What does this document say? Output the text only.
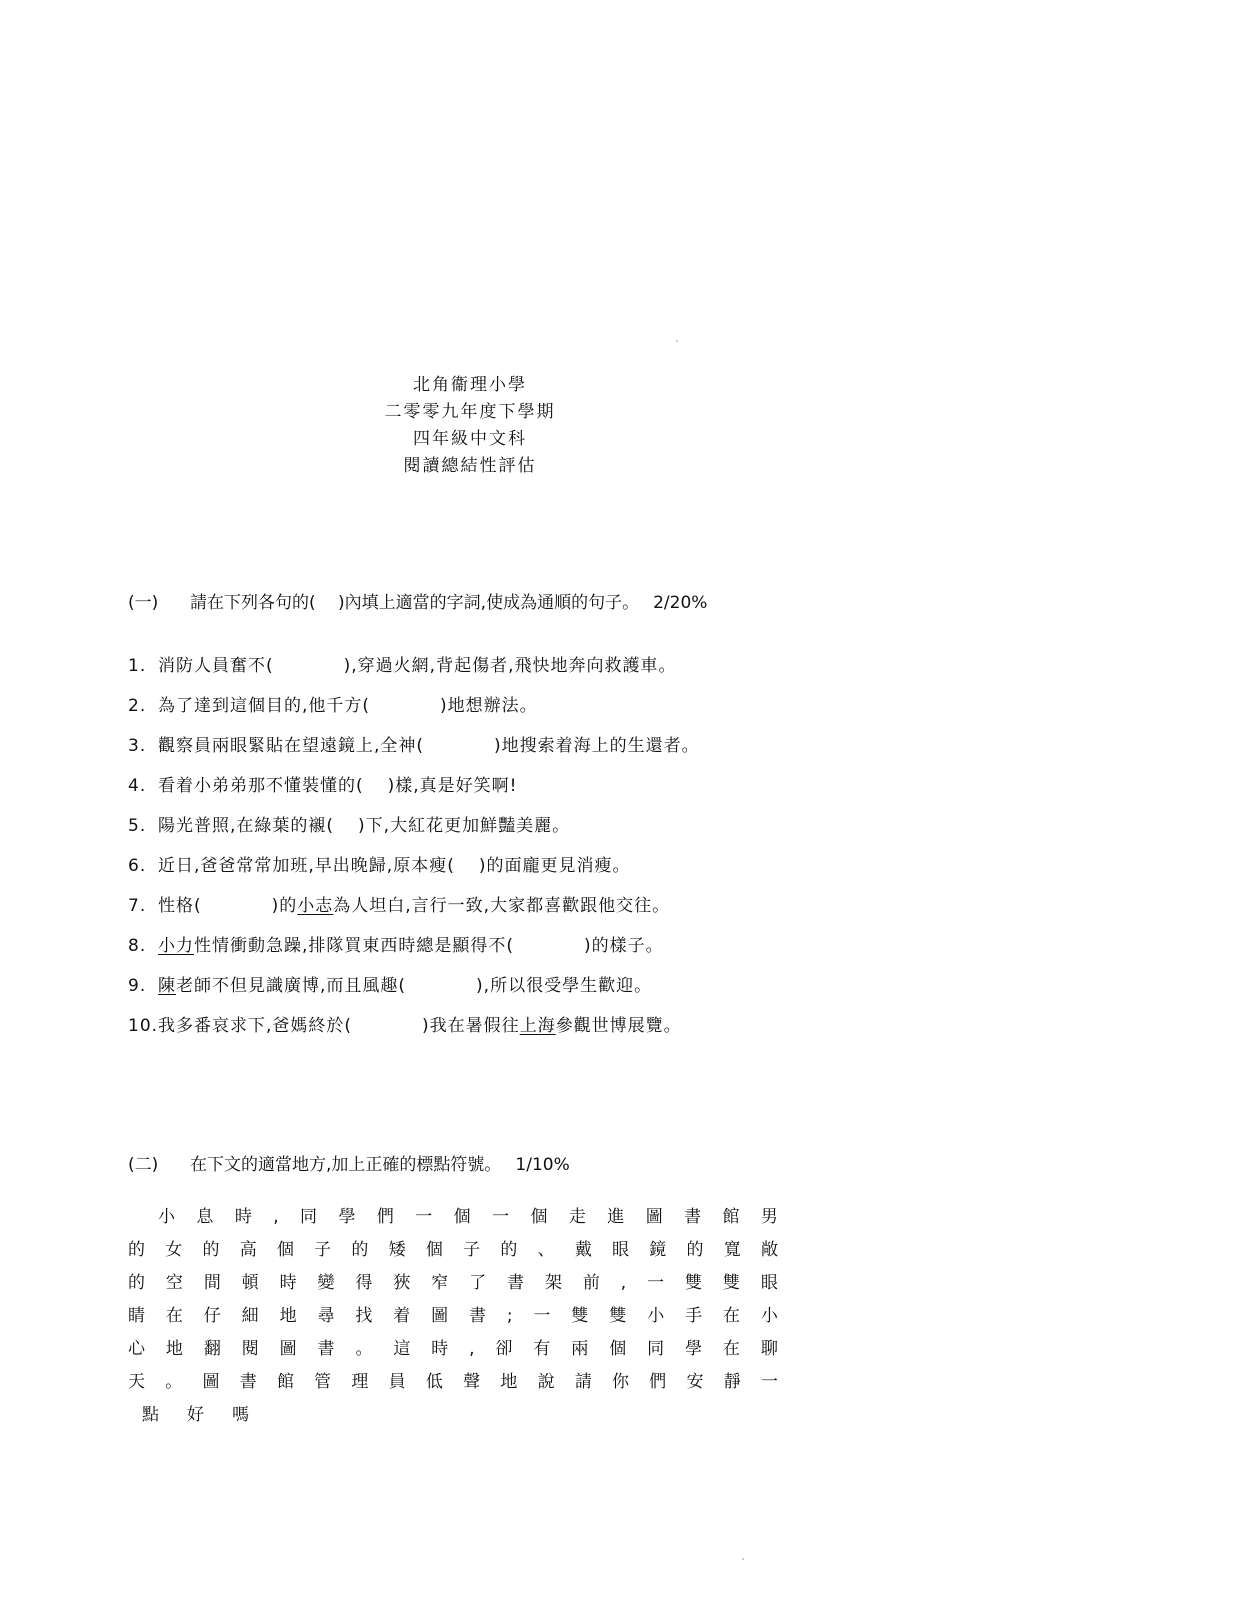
北角衞理小學
二零零九年度下學期
四年級中文科
閱讀總結性評估
(一) 請在下列各句的(　 )內填上適當的字詞,使成為通順的句子。 2/20%
1. 消防人員奮不(	),穿過火網,背起傷者,飛快地奔向救護車。
2. 為了達到這個目的,他千方(	)地想辦法。
3. 觀察員兩眼緊貼在望遠鏡上,全神(	)地搜索着海上的生還者。
4. 看着小弟弟那不懂裝懂的( )樣,真是好笑啊!
5. 陽光普照,在綠葉的襯( )下,大紅花更加鮮豔美麗。
6. 近日,爸爸常常加班,早出晚歸,原本瘦( )的面龐更見消瘦。
7. 性格(	)的小志為人坦白,言行一致,大家都喜歡跟他交往。
8. 小力性情衝動急躁,排隊買東西時總是顯得不(	)的樣子。
9. 陳老師不但見識廣博,而且風趣(	),所以很受學生歡迎。
10.我多番哀求下,爸媽終於(	)我在暑假往上海參觀世博展覽。
(二) 在下文的適當地方,加上正確的標點符號。 1/10%
小 息 時 , 同 學 們 一 個 一 個 走 進 圖 書 館 男
的 女 的 高 個 子 的 矮 個 子 的 、 戴 眼 鏡 的 寬 敞
的 空 間 頓 時 變 得 狹 窄 了 書 架 前 , 一 雙 雙 眼
睛 在 仔 細 地 尋 找 着 圖 書 ; 一 雙 雙 小 手 在 小
心 地 翻 閱 圖 書 。 這 時 , 卻 有 兩 個 同 學 在 聊
天 。 圖 書 館 管 理 員 低 聲 地 說 請 你 們 安 靜 一
點	好	嗎
